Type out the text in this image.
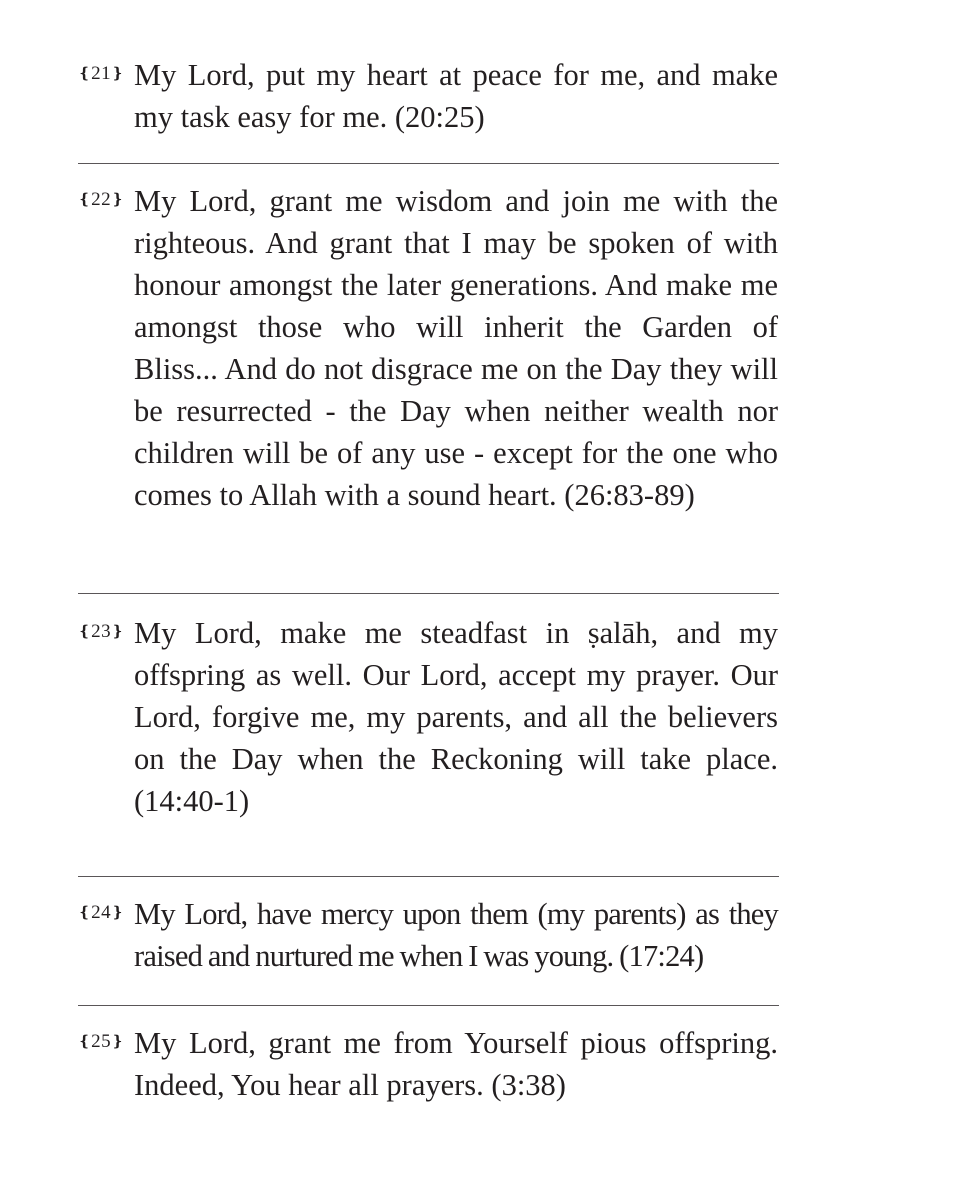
❴21❵ My Lord, put my heart at peace for me, and make my task easy for me. (20:25)
❴22❵ My Lord, grant me wisdom and join me with the righteous. And grant that I may be spoken of with honour amongst the later generations. And make me amongst those who will inherit the Garden of Bliss... And do not disgrace me on the Day they will be resurrected - the Day when neither wealth nor children will be of any use - except for the one who comes to Allah with a sound heart. (26:83-89)
❴23❵ My Lord, make me steadfast in ṣalāh, and my offspring as well. Our Lord, accept my prayer. Our Lord, forgive me, my parents, and all the believers on the Day when the Reckoning will take place. (14:40-1)
❴24❵ My Lord, have mercy upon them (my parents) as they raised and nurtured me when I was young. (17:24)
❴25❵ My Lord, grant me from Yourself pious offspring. Indeed, You hear all prayers. (3:38)
